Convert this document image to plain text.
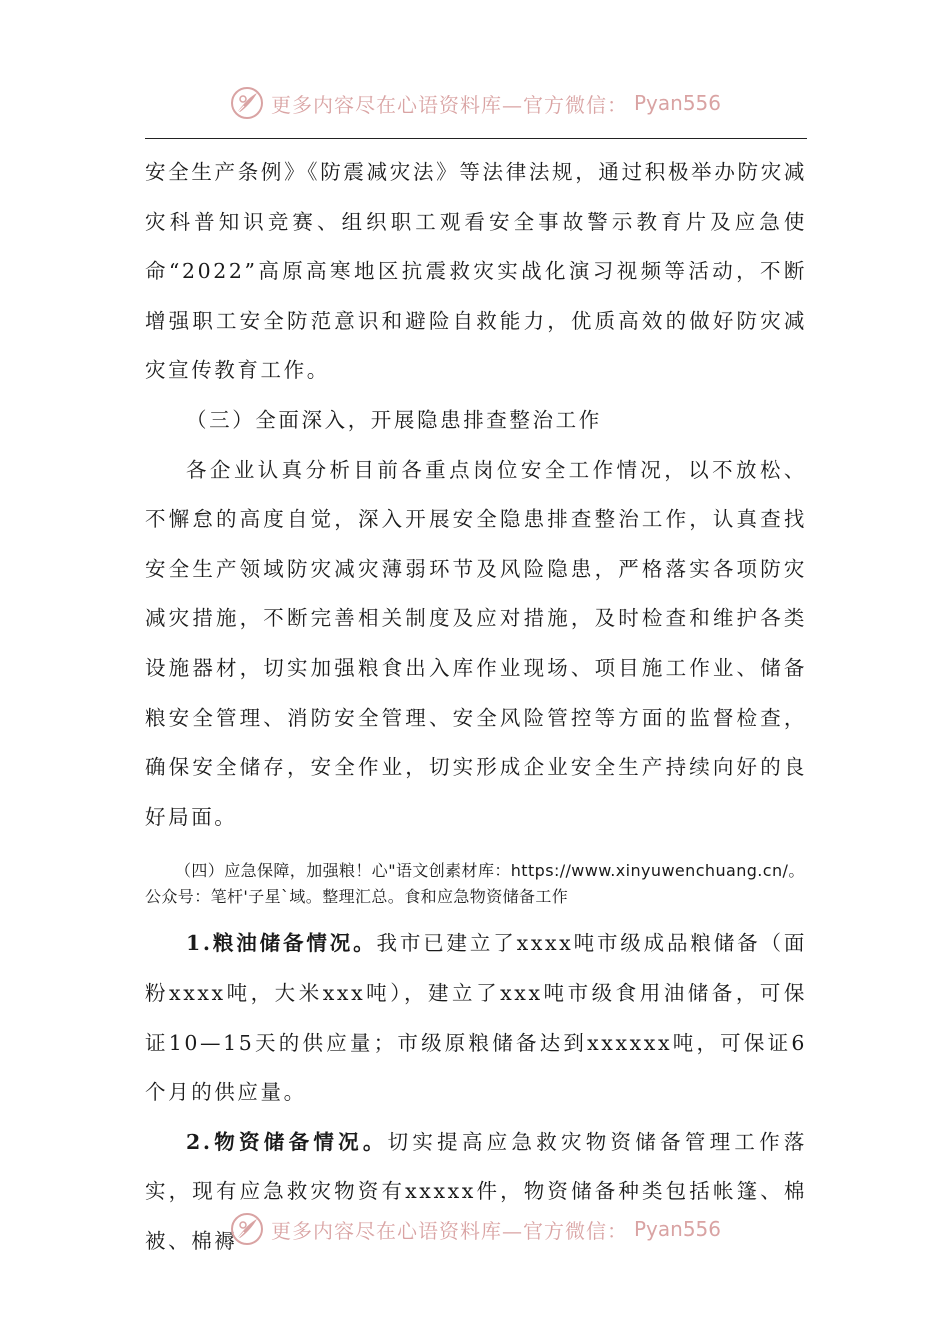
更多内容尽在心语资料库—官方微信： Pyan556

安全生产条例》《防震减灾法》等法律法规，通过积极举办防灾减灾科普知识竞赛、组织职工观看安全事故警示教育片及应急使命“2022”高原高寒地区抗震救灾实战化演习视频等活动，不断增强职工安全防范意识和避险自救能力，优质高效的做好防灾减灾宣传教育工作。

（三）全面深入，开展隐患排查整治工作

各企业认真分析目前各重点岗位安全工作情况，以不放松、不懈怠的高度自觉，深入开展安全隐患排查整治工作，认真查找安全生产领域防灾减灾薄弱环节及风险隐患，严格落实各项防灾减灾措施，不断完善相关制度及应对措施，及时检查和维护各类设施器材，切实加强粮食出入库作业现场、项目施工作业、储备粮安全管理、消防安全管理、安全风险管控等方面的监督检查，确保安全储存，安全作业，切实形成企业安全生产持续向好的良好局面。

（四）应急保障，加强粮！心"语文创素材库：https://www.xinyuwenchuang.cn/。公众号：笔杆'子星`域。整理汇总。食和应急物资储备工作

1.粮油储备情况。我市已建立了xxxx吨市级成品粮储备（面粉xxxx吨，大米xxx吨），建立了xxx吨市级食用油储备，可保证10—15天的供应量；市级原粮储备达到xxxxxx吨，可保证6个月的供应量。

2.物资储备情况。切实提高应急救灾物资储备管理工作落实，现有应急救灾物资有xxxxx件，物资储备种类包括帐篷、棉被、棉褥	更多内容尽在心语资料库—官方微信： Pyan556
